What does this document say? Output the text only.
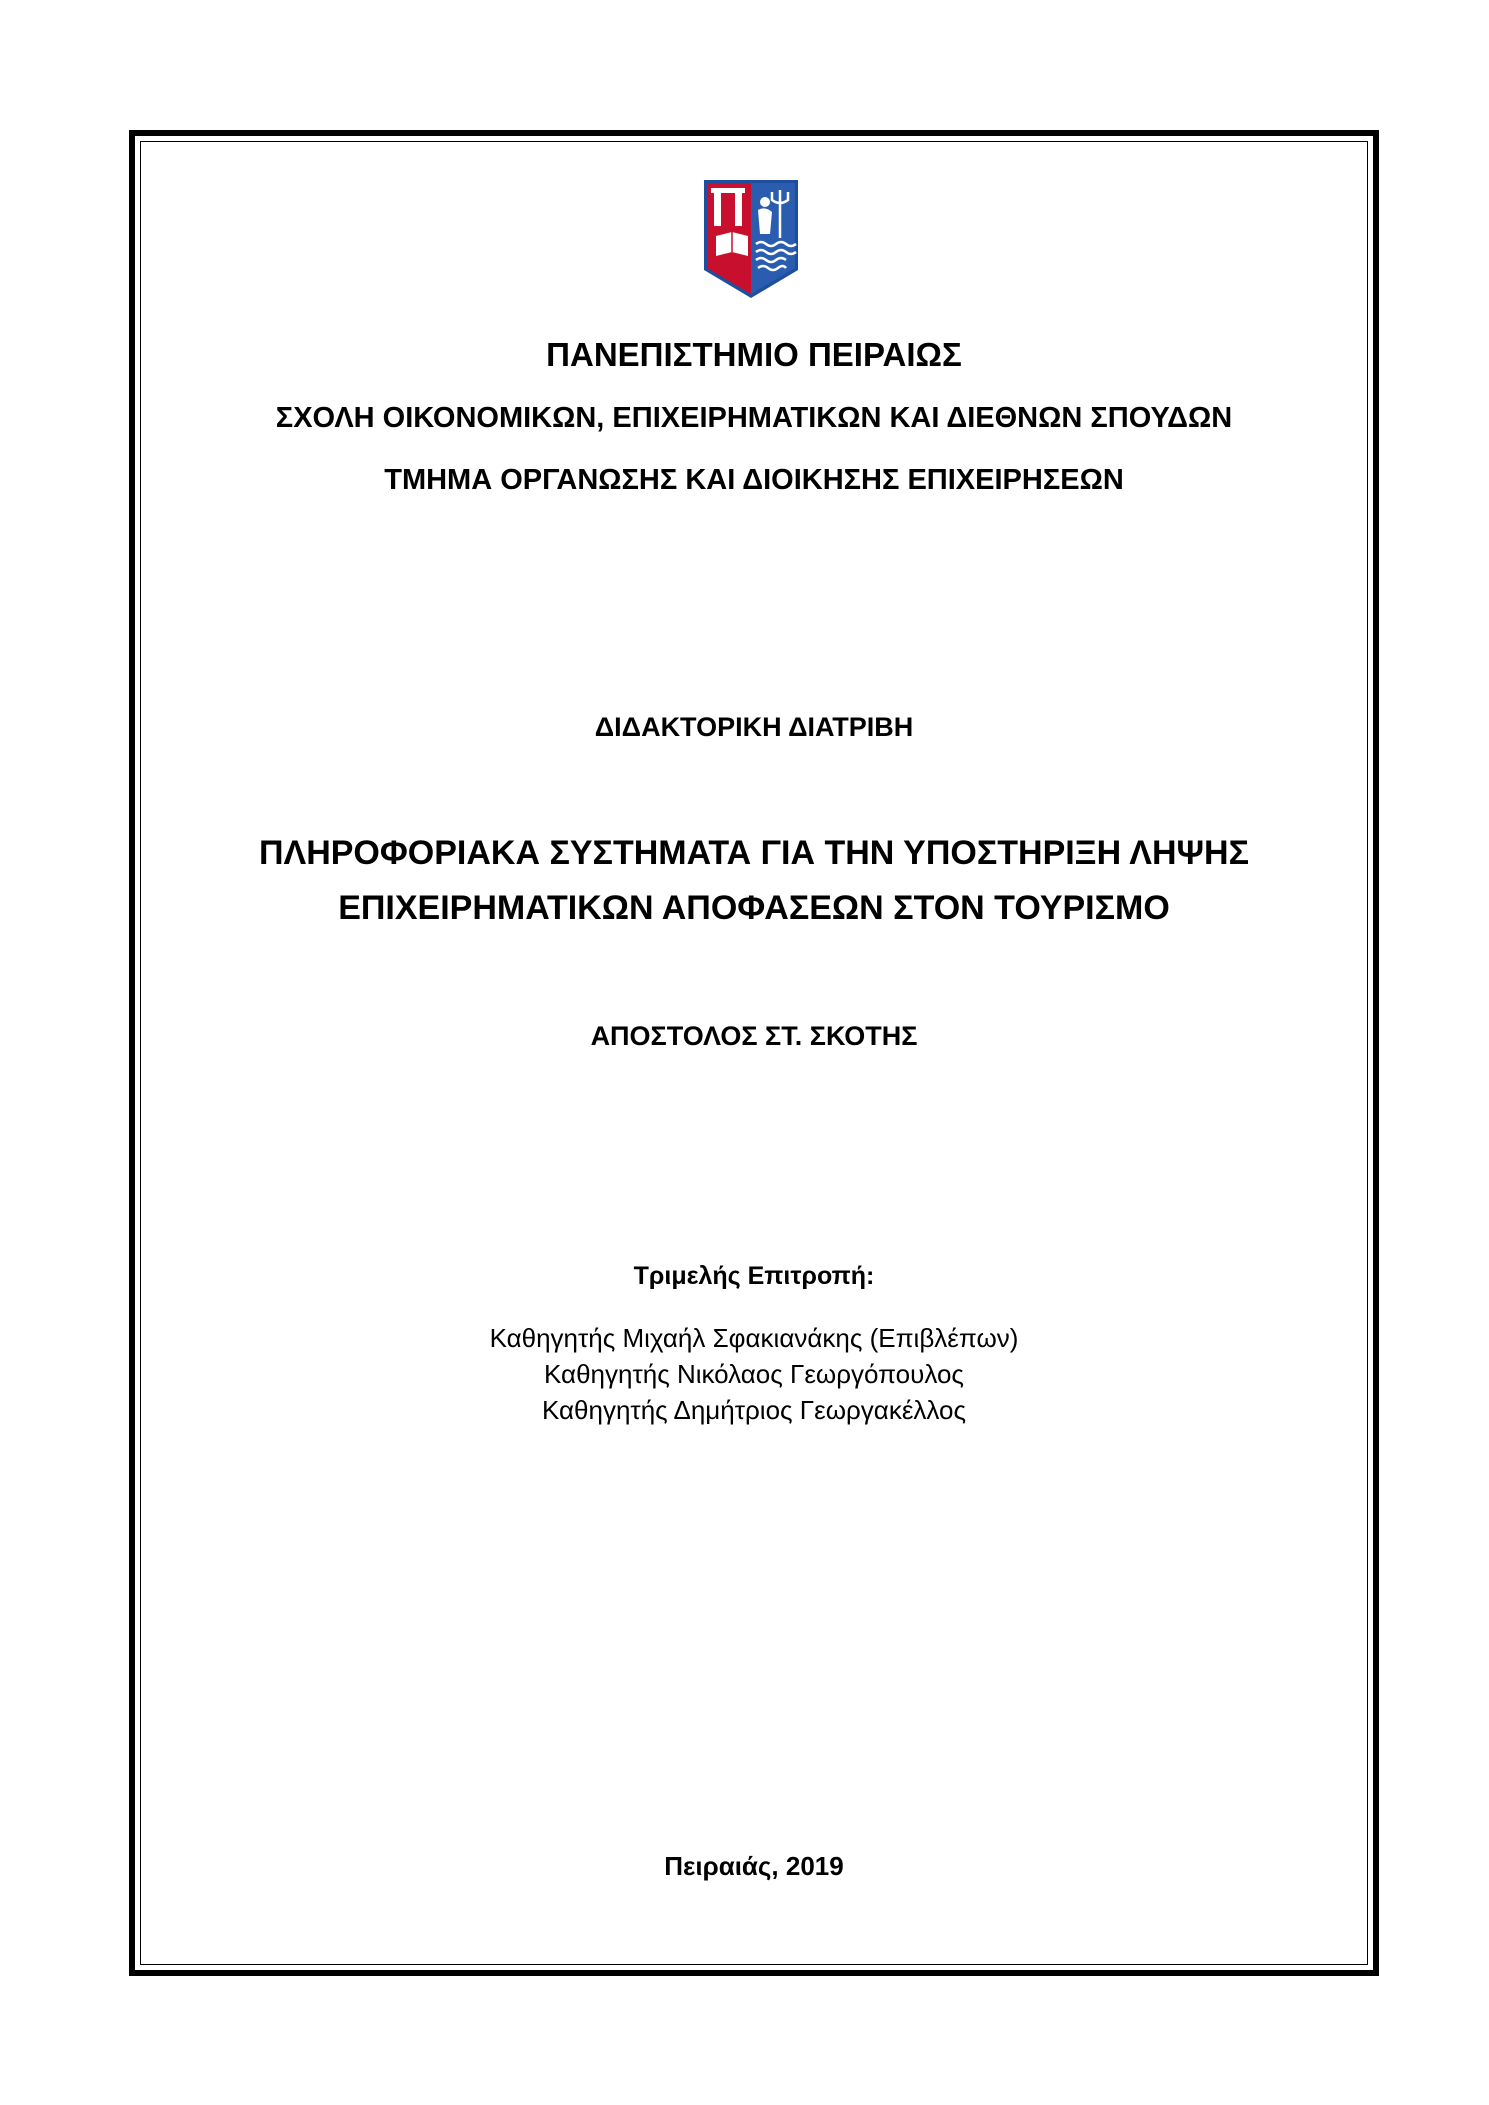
ΠΑΝΕΠΙΣΤΗΜΙΟ ΠΕΙΡΑΙΩΣ
ΣΧΟΛΗ ΟΙΚΟΝΟΜΙΚΩΝ, ΕΠΙΧΕΙΡΗΜΑΤΙΚΩΝ ΚΑΙ ΔΙΕΘΝΩΝ ΣΠΟΥΔΩΝ
ΤΜΗΜΑ ΟΡΓΑΝΩΣΗΣ ΚΑΙ ΔΙΟΙΚΗΣΗΣ ΕΠΙΧΕΙΡΗΣΕΩΝ
ΔΙΔΑΚΤΟΡΙΚΗ ΔΙΑΤΡΙΒΗ
ΠΛΗΡΟΦΟΡΙΑΚΑ ΣΥΣΤΗΜΑΤΑ ΓΙΑ ΤΗΝ ΥΠΟΣΤΗΡΙΞΗ ΛΗΨΗΣ
ΕΠΙΧΕΙΡΗΜΑΤΙΚΩΝ ΑΠΟΦΑΣΕΩΝ ΣΤΟΝ ΤΟΥΡΙΣΜΟ
ΑΠΟΣΤΟΛΟΣ ΣΤ. ΣΚΟΤΗΣ
Τριμελής Επιτροπή:
Καθηγητής Μιχαήλ Σφακιανάκης (Επιβλέπων)
Καθηγητής Νικόλαος Γεωργόπουλος
Καθηγητής Δημήτριος Γεωργακέλλος
Πειραιάς, 2019
